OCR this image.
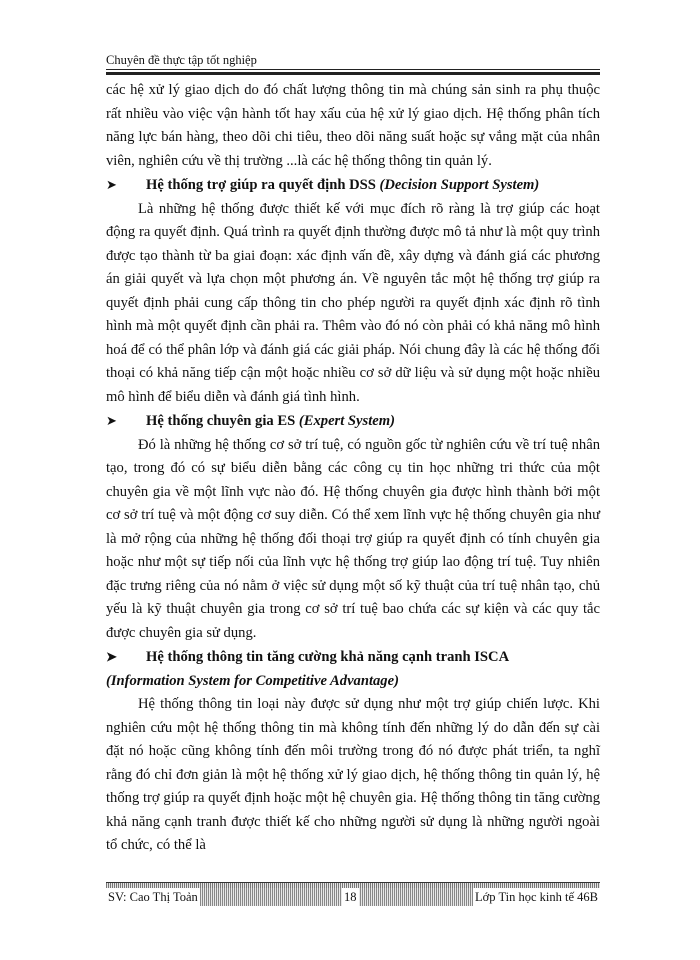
Chuyên đề thực tập tốt nghiệp

các hệ xử lý giao dịch do đó chất lượng thông tin mà chúng sản sinh ra phụ thuộc rất nhiều vào việc vận hành tốt hay xấu của hệ xử lý giao dịch. Hệ thống phân tích năng lực bán hàng, theo dõi chi tiêu, theo dõi năng suất hoặc sự vắng mặt của nhân viên, nghiên cứu về thị trường ...là các hệ thống thông tin quản lý.

➤	Hệ thống trợ giúp ra quyết định DSS (Decision Support System)

Là những hệ thống được thiết kế với mục đích rõ ràng là trợ giúp các hoạt động ra quyết định. Quá trình ra quyết định thường được mô tả như là một quy trình được tạo thành từ ba giai đoạn: xác định vấn đề, xây dựng và đánh giá các phương án giải quyết và lựa chọn một phương án. Về nguyên tắc một hệ thống trợ giúp ra quyết định phải cung cấp thông tin cho phép người ra quyết định xác định rõ tình hình mà một quyết định cần phải ra. Thêm vào đó nó còn phải có khả năng mô hình hoá để có thể phân lớp và đánh giá các giải pháp. Nói chung đây là các hệ thống đối thoại có khả năng tiếp cận một hoặc nhiều cơ sở dữ liệu và sử dụng một hoặc nhiều mô hình để biểu diễn và đánh giá tình hình.

➤	Hệ thống chuyên gia ES (Expert System)

Đó là những hệ thống cơ sở trí tuệ, có nguồn gốc từ nghiên cứu về trí tuệ nhân tạo, trong đó có sự biểu diễn bằng các công cụ tin học những tri thức của một chuyên gia về một lĩnh vực nào đó. Hệ thống chuyên gia được hình thành bởi một cơ sở trí tuệ và một động cơ suy diễn. Có thể xem lĩnh vực hệ thống chuyên gia như là mở rộng của những hệ thống đối thoại trợ giúp ra quyết định có tính chuyên gia hoặc như một sự tiếp nối của lĩnh vực hệ thống trợ giúp lao động trí tuệ. Tuy nhiên đặc trưng riêng của nó nằm ở việc sử dụng một số kỹ thuật của trí tuệ nhân tạo, chủ yếu là kỹ thuật chuyên gia trong cơ sở trí tuệ bao chứa các sự kiện và các quy tắc được chuyên gia sử dụng.

➤	Hệ thống thông tin tăng cường khả năng cạnh tranh ISCA
(Information System for Competitive Advantage)

Hệ thống thông tin loại này được sử dụng như một trợ giúp chiến lược. Khi nghiên cứu một hệ thống thông tin mà không tính đến những lý do dẫn đến sự cài đặt nó hoặc cũng không tính đến môi trường trong đó nó được phát triển, ta nghĩ rằng đó chỉ đơn giản là một hệ thống xử lý giao dịch, hệ thống thông tin quản lý, hệ thống trợ giúp ra quyết định hoặc một hệ chuyên gia. Hệ thống thông tin tăng cường khả năng cạnh tranh được thiết kế cho những người sử dụng là những người ngoài tổ chức, có thể là

SV: Cao Thị Toản	18	Lớp Tin học kinh tế 46B
